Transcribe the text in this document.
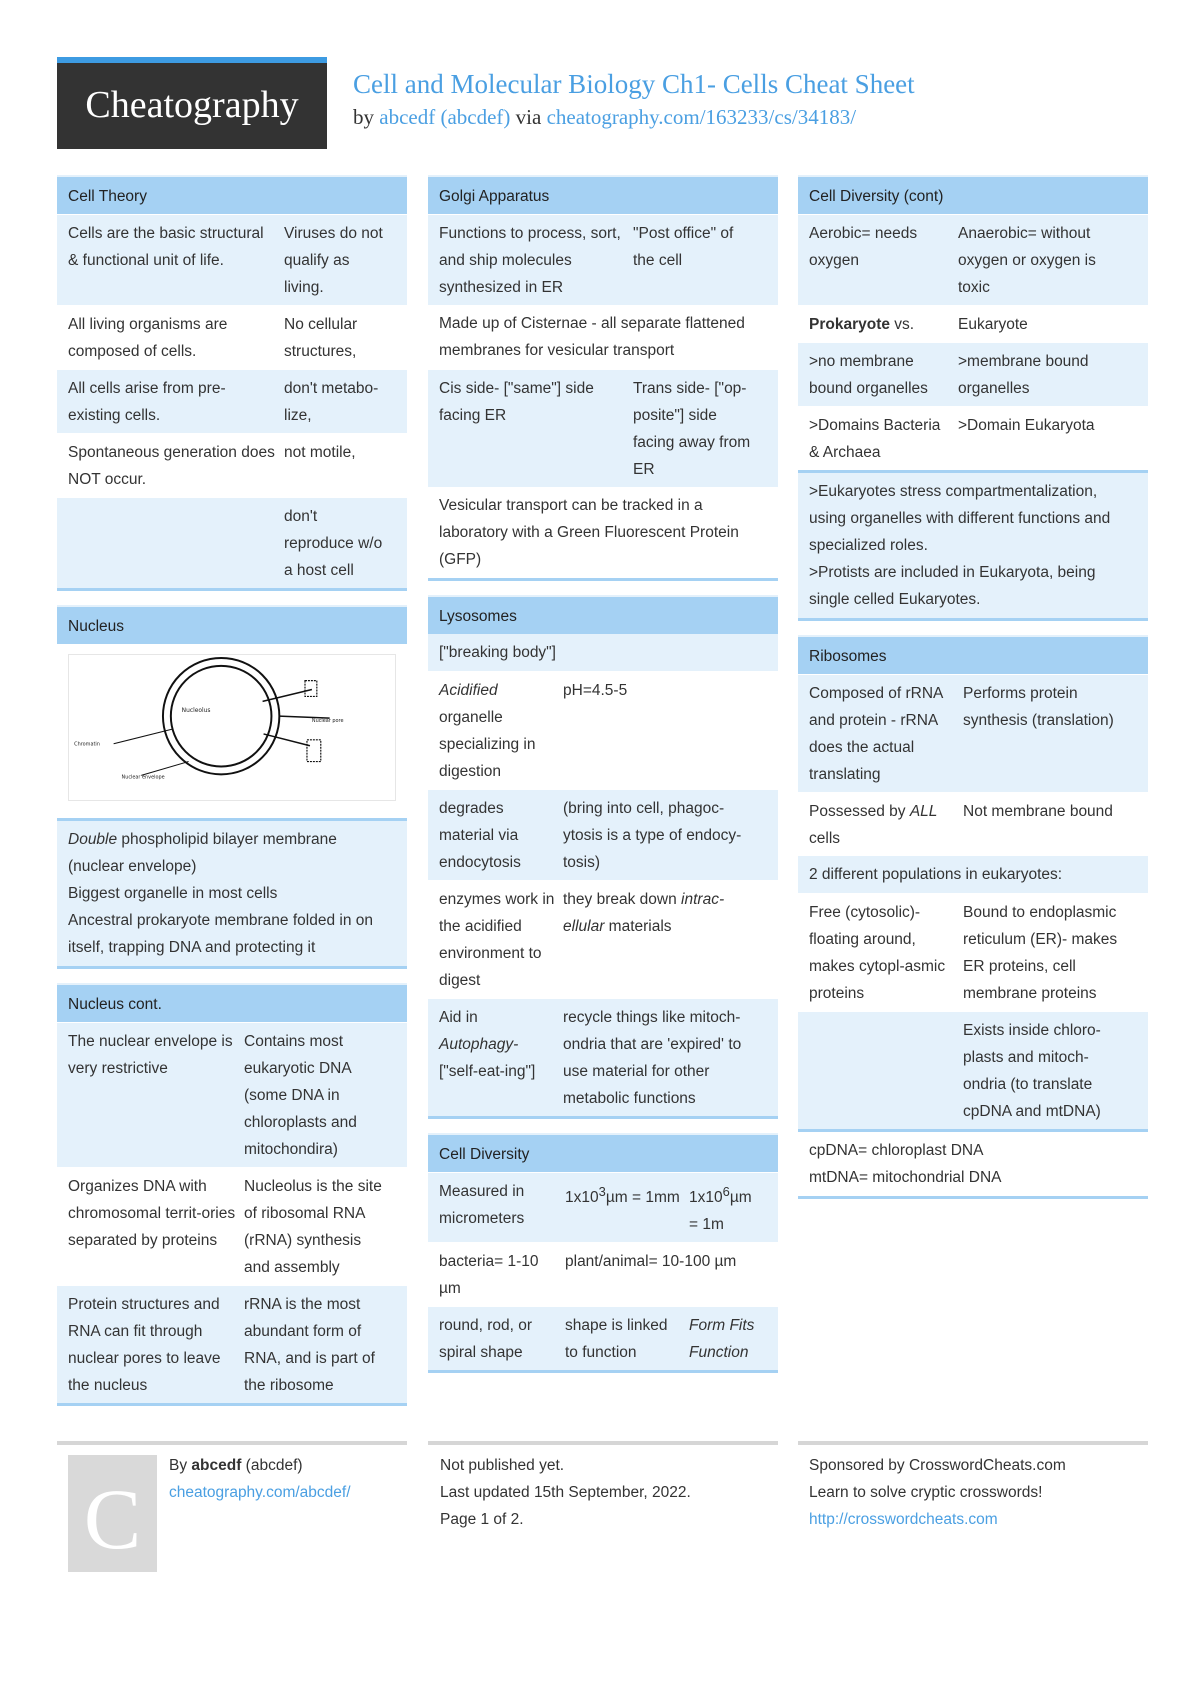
Cheatography	Cell and Molecular Biology Ch1- Cells Cheat Sheet
by abcedf (abcdef) via cheatography.com/163233/cs/34183/
Cell Theory
Cells are the basic structural & functional unit of life.
Viruses do not qualify as living.
All living organisms are composed of cells.
No cellular structures,
All cells arise from pre-existing cells.
don't metabo-lize,
Spontaneous generation does NOT occur.
not motile,
don't reproduce w/o a host cell
Nucleus
Nucleolus
Nuclear pore
Chromatin
Nuclear envelope
Double phospholipid bilayer membrane (nuclear envelope)
Biggest organelle in most cells
Ancestral prokaryote membrane folded in on itself, trapping DNA and protecting it
Nucleus cont.
The nuclear envelope is very restrictive
Contains most eukaryotic DNA (some DNA in chloroplasts and mitochondira)
Organizes DNA with chromosomal territ-ories separated by proteins
Nucleolus is the site of ribosomal RNA (rRNA) synthesis and assembly
Protein structures and RNA can fit through nuclear pores to leave the nucleus
rRNA is the most abundant form of RNA, and is part of the ribosome
Golgi Apparatus
Functions to process, sort, and ship molecules synthesized in ER
"Post office" of the cell
Made up of Cisternae - all separate flattened membranes for vesicular transport
Cis side- ["same"] side facing ER
Trans side- ["op-posite"] side facing away from ER
Vesicular transport can be tracked in a laboratory with a Green Fluorescent Protein (GFP)
Lysosomes
["breaking body"]
Acidified organelle specializing in digestion
pH=4.5-5
degrades material via endocytosis
(bring into cell, phagoc-ytosis is a type of endocy-tosis)
enzymes work in the acidified environment to digest
they break down intrac-ellular materials
Aid in Autophagy- ["self-eat-ing"]
recycle things like mitoch-ondria that are 'expired' to use material for other metabolic functions
Cell Diversity
Measured in micrometers
$1x10^3\mu m = 1mm$ $1x10^6\mu m = 1m$
bacteria= 1-10 µm
plant/animal= 10-100 µm
round, rod, or spiral shape
shape is linked to function
Form Fits Function
Cell Diversity (cont)
Aerobic= needs oxygen
Anaerobic= without oxygen or oxygen is toxic
Prokaryote vs.	Eukaryote
>no membrane bound organelles
>membrane bound organelles
>Domains Bacteria & Archaea
>Domain Eukaryota
>Eukaryotes stress compartmentalization, using organelles with different functions and specialized roles.
>Protists are included in Eukaryota, being single celled Eukaryotes.
Ribosomes
Composed of rRNA and protein - rRNA does the actual translating
Performs protein synthesis (translation)
Possessed by ALL cells
Not membrane bound
2 different populations in eukaryotes:
Free (cytosolic)- floating around, makes cytopl-asmic proteins
Bound to endoplasmic reticulum (ER)- makes ER proteins, cell membrane proteins
Exists inside chloro-plasts and mitoch-ondria (to translate cpDNA and mtDNA)
cpDNA= chloroplast DNA
mtDNA= mitochondrial DNA
C
By abcedf (abcdef)
cheatography.com/abcdef/
Not published yet.
Last updated 15th September, 2022.
Page 1 of 2.
Sponsored by CrosswordCheats.com
Learn to solve cryptic crosswords!
http://crosswordcheats.com
